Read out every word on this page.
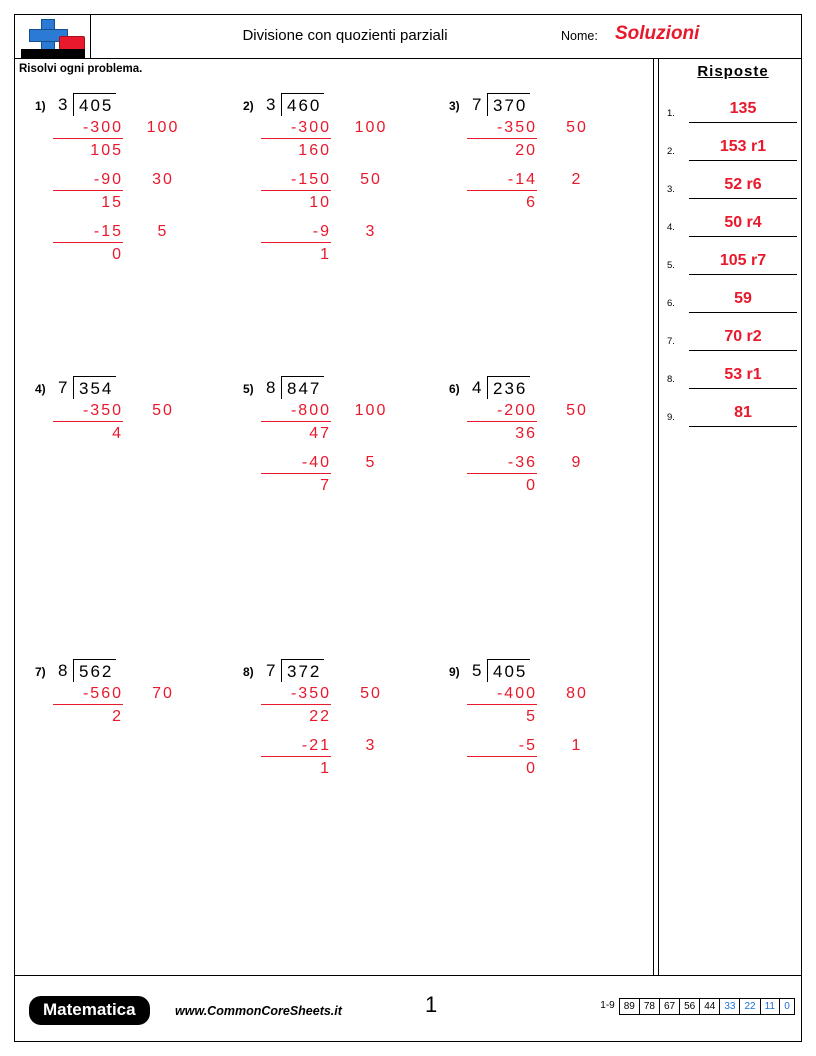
Divisione con quozienti parziali	Nome: Soluzioni
Risolvi ogni problema.
1) 3 405
-300	100
105
-90	30
15
-15	5
0
2) 3 460
-300	100
160
-150	50
10
-9	3
1
3) 7 370
-350	50
20
-14	2
6
4) 7 354
-350	50
4
5) 8 847
-800	100
47
-40	5
7
6) 4 236
-200	50
36
-36	9
0
7) 8 562
-560	70
2
8) 7 372
-350	50
22
-21	3
1
9) 5 405
-400	80
5
-5	1
0
Risposte
1.	135
2.	153 r1
3.	52 r6
4.	50 r4
5.	105 r7
6.	59
7.	70 r2
8.	53 r1
9.	81
Matematica	www.CommonCoreSheets.it	1	1-9 89 78 67 56 44 33 22 11 0
